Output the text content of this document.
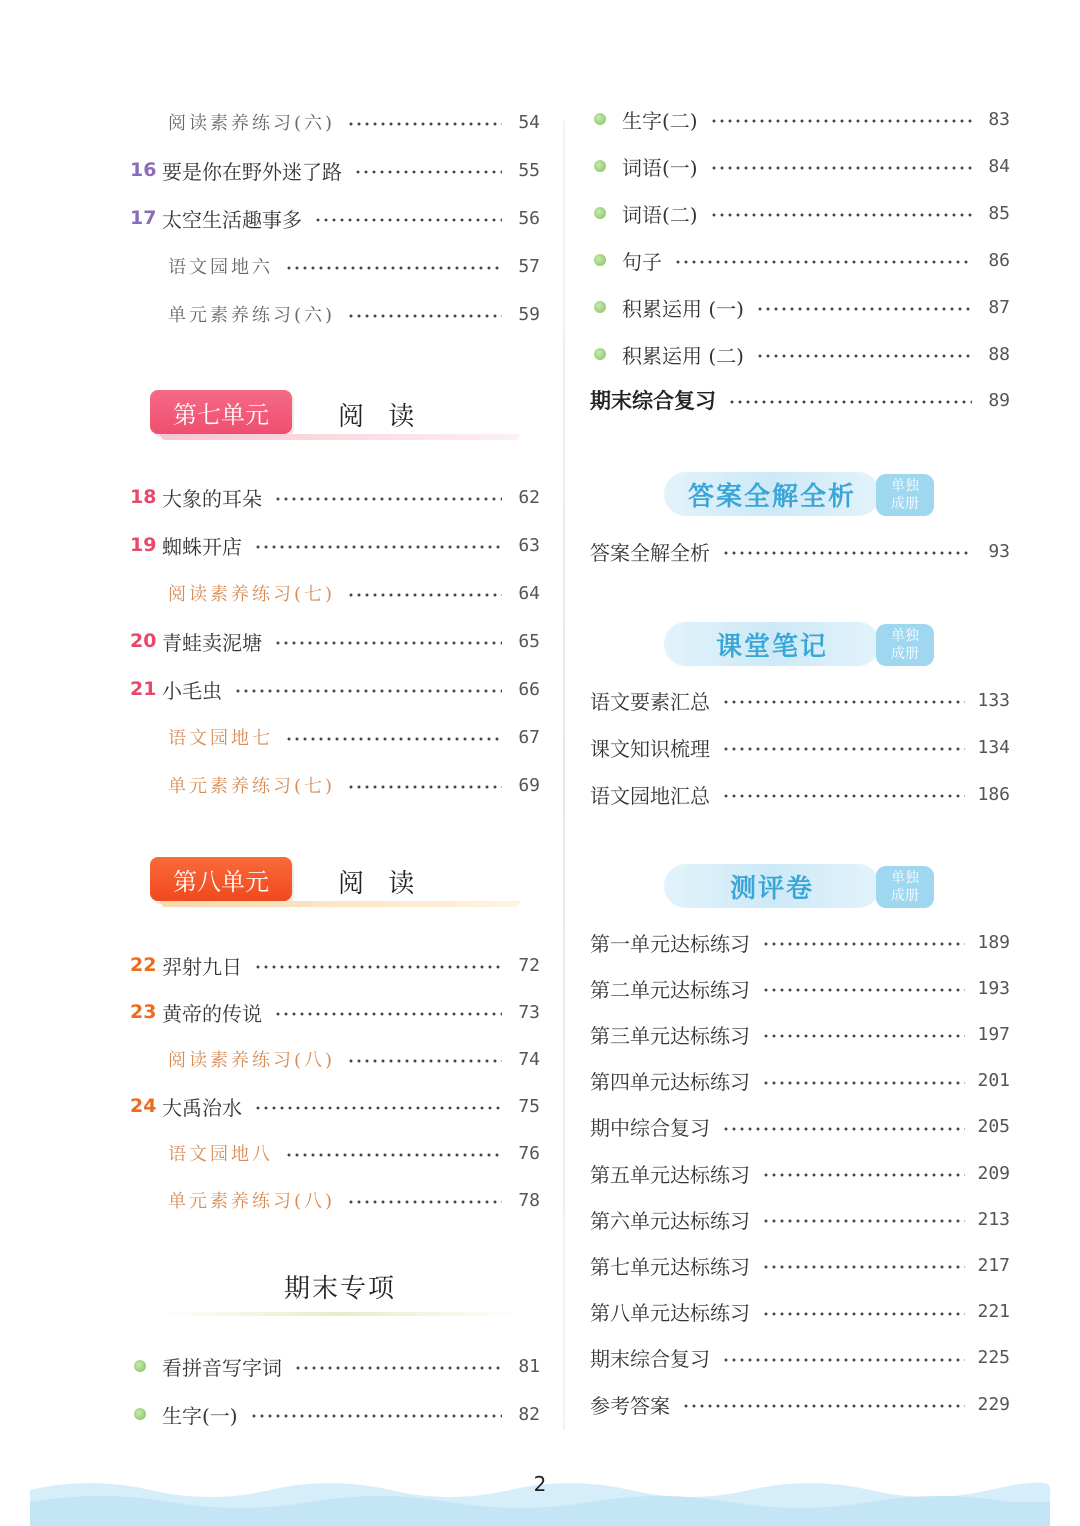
阅读素养练习(六)	54
16 要是你在野外迷了路	55
17 太空生活趣事多	56
语文园地六	57
单元素养练习(六)	59
第七单元	阅 读
18 大象的耳朵	62
19 蜘蛛开店	63
阅读素养练习(七)	64
20 青蛙卖泥塘	65
21 小毛虫	66
语文园地七	67
单元素养练习(七)	69
第八单元	阅 读
22 羿射九日	72
23 黄帝的传说	73
阅读素养练习(八)	74
24 大禹治水	75
语文园地八	76
单元素养练习(八)	78
期末专项
看拼音写字词	81
生字(一)	82
生字(二)	83
词语(一)	84
词语(二)	85
句子	86
积累运用 (一)	87
积累运用 (二)	88
期末综合复习	89
答案全解全析	单独
成册
答案全解全析	93
课堂笔记	单独
成册
语文要素汇总	133
课文知识梳理	134
语文园地汇总	186
测评卷	单独
成册
第一单元达标练习	189
第二单元达标练习	193
第三单元达标练习	197
第四单元达标练习	201
期中综合复习	205
第五单元达标练习	209
第六单元达标练习	213
第七单元达标练习	217
第八单元达标练习	221
期末综合复习	225
参考答案	229
2
